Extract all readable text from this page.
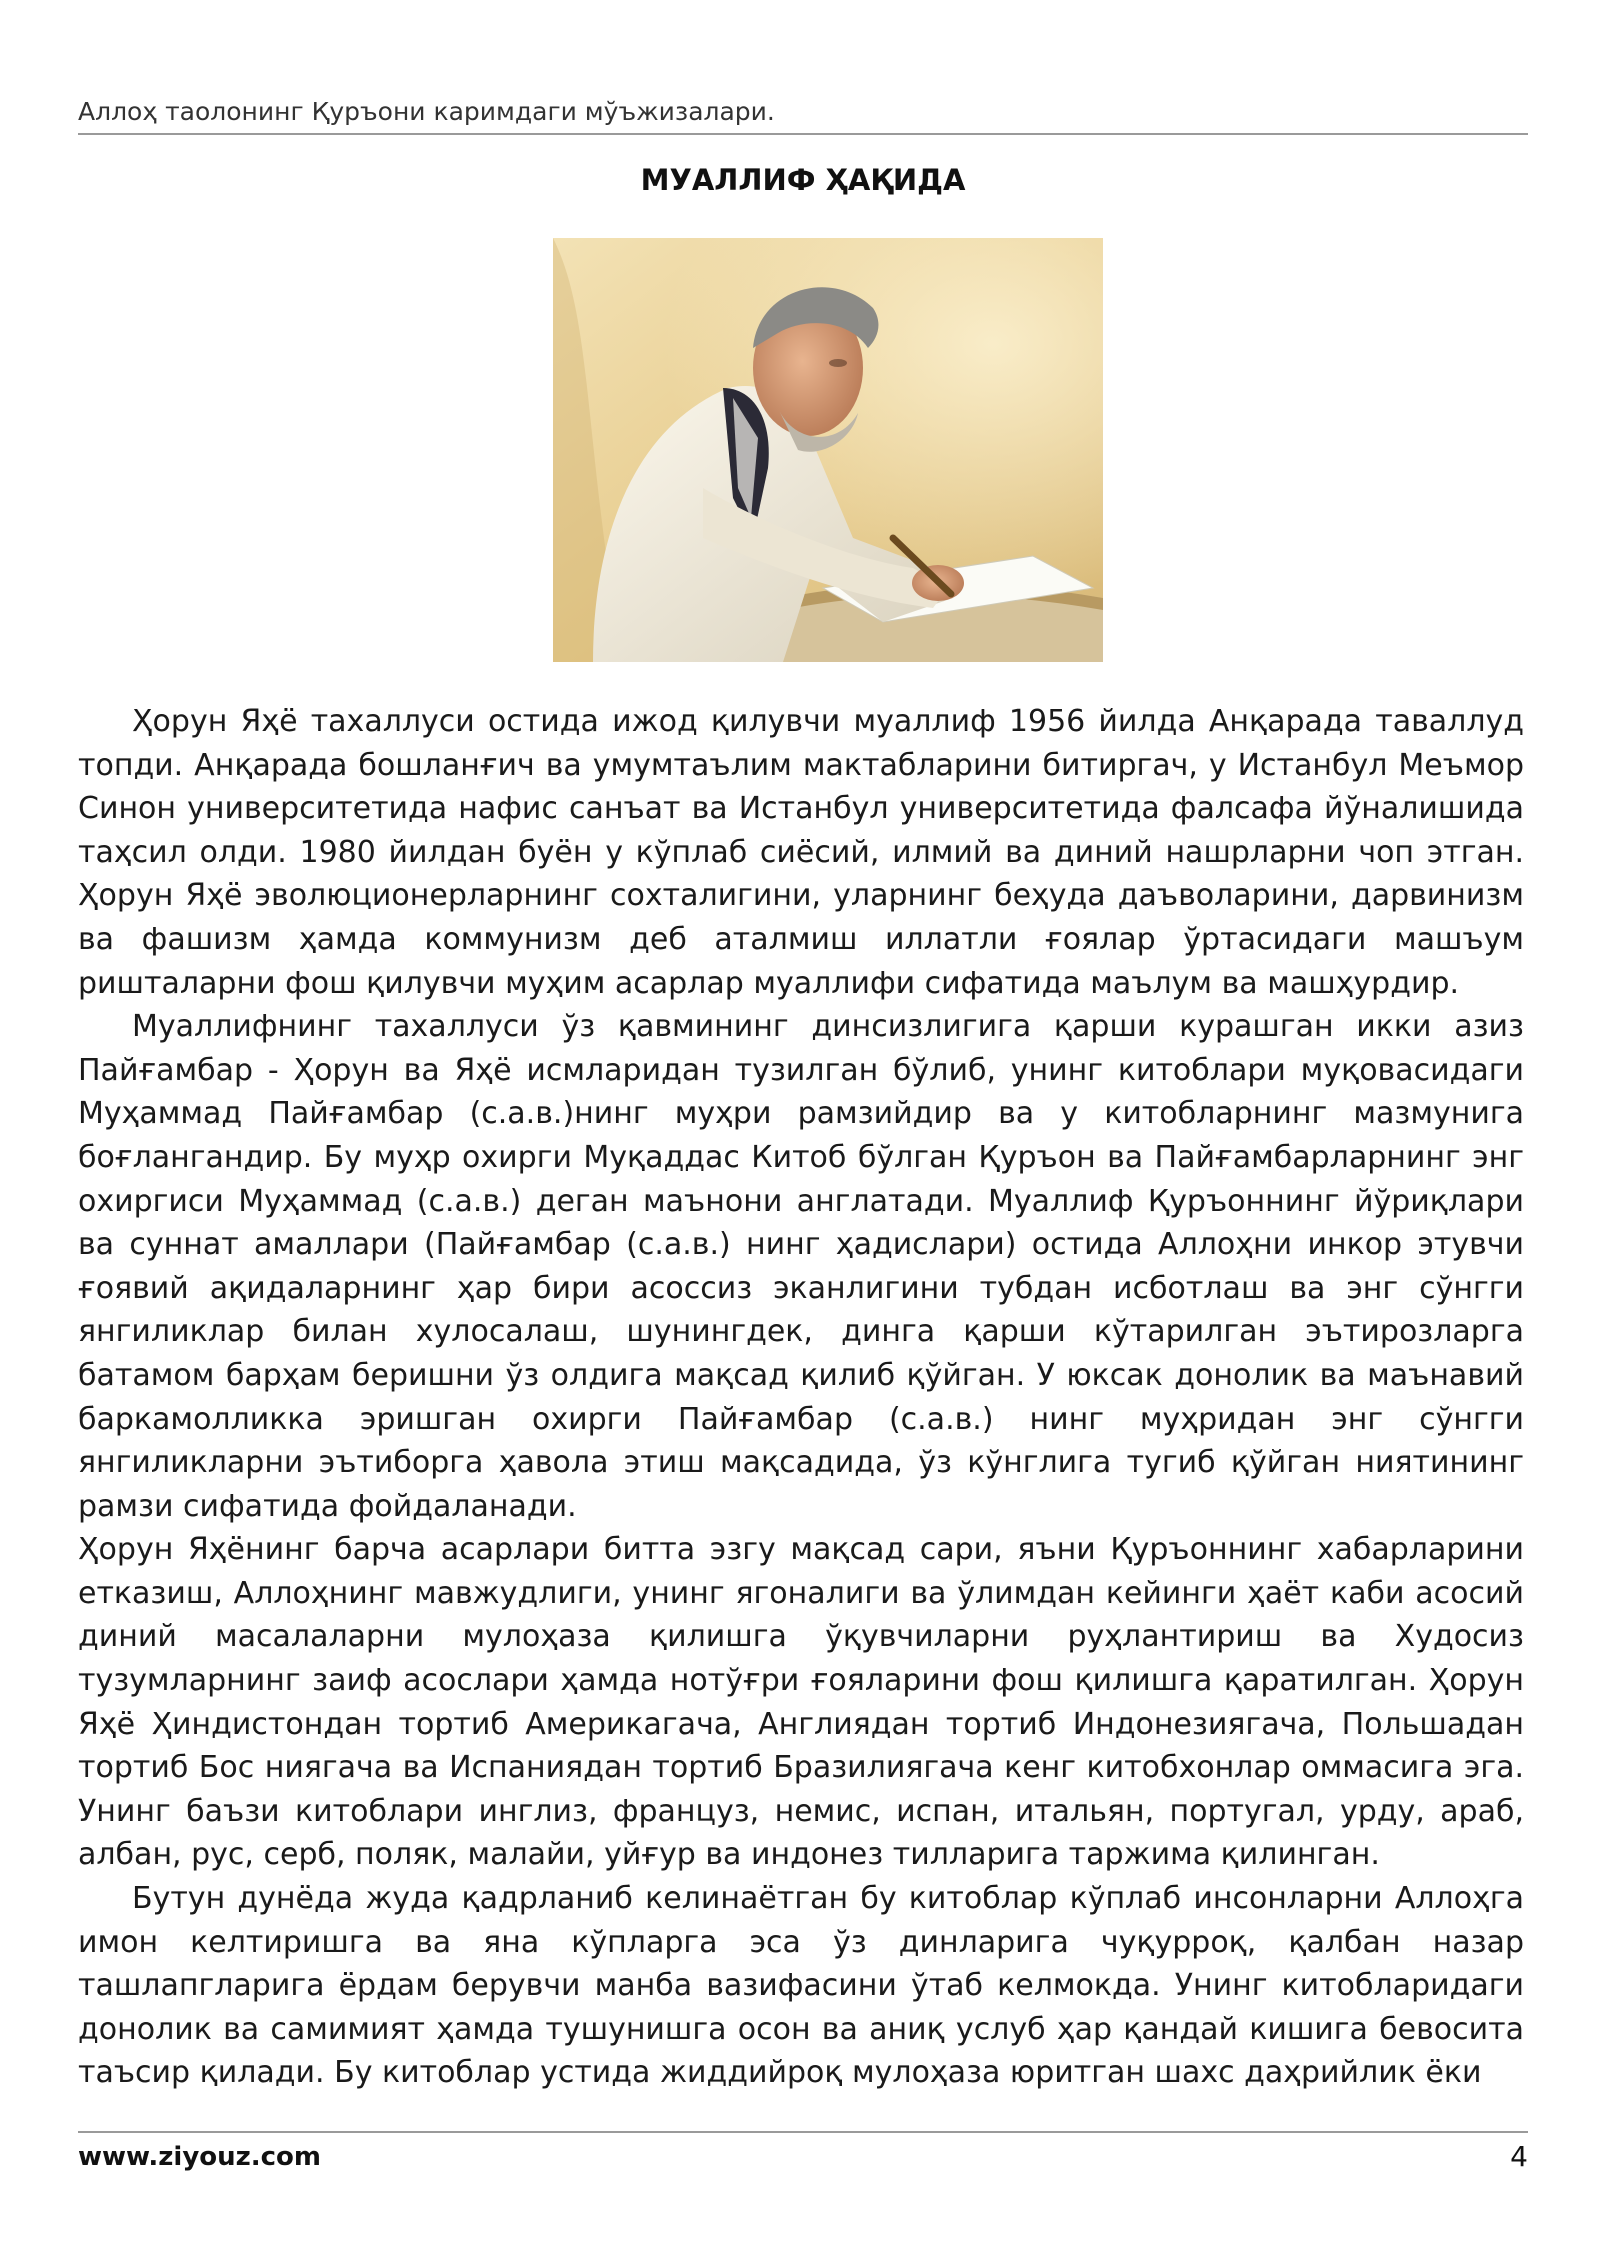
Аллоҳ таолонинг Қуръони каримдаги мўъжизалари.
МУАЛЛИФ ҲАҚИДА

Ҳорун Яҳё тахаллуси остида ижод қилувчи муаллиф 1956 йилда Анқарада таваллуд топди. Анқарада бошланғич ва умумтаълим мактабларини битиргач, у Истанбул Меъмор Синон университетида нафис санъат ва Истанбул университетида фалсафа йўналишида таҳсил олди. 1980 йилдан буён у кўплаб сиёсий, илмий ва диний нашрларни чоп этган. Ҳорун Яҳё эволюционерларнинг сохталигини, уларнинг беҳуда даъволарини, дарвинизм ва фашизм ҳамда коммунизм деб аталмиш иллатли ғоялар ўртасидаги машъум ришталарни фош қилувчи муҳим асарлар муаллифи сифатида маълум ва машҳурдир.

Муаллифнинг тахаллуси ўз қавмининг динсизлигига қарши курашган икки азиз Пайғамбар - Ҳорун ва Яҳё исмларидан тузилган бўлиб, унинг китоблари муқовасидаги Муҳаммад Пайғамбар (с.а.в.)нинг муҳри рамзийдир ва у китобларнинг мазмунига боғлангандир. Бу муҳр охирги Муқаддас Китоб бўлган Қуръон ва Пайғамбарларнинг энг охиргиси Муҳаммад (с.а.в.) деган маънони англатади. Муаллиф Қуръоннинг йўриқлари ва суннат амаллари (Пайғамбар (с.а.в.) нинг ҳадислари) остида Аллоҳни инкор этувчи ғоявий ақидаларнинг ҳар бири асоссиз эканлигини тубдан исботлаш ва энг сўнгги янгиликлар билан хулосалаш, шунингдек, динга қарши кўтарилган эътирозларга батамом барҳам беришни ўз олдига мақсад қилиб қўйган. У юксак донолик ва маънавий баркамолликка эришган охирги Пайғамбар (с.а.в.) нинг муҳридан энг сўнгги янгиликларни эътиборга ҳавола этиш мақсадида, ўз кўнглига тугиб қўйган ниятининг рамзи сифатида фойдаланади.

Ҳорун Яҳёнинг барча асарлари битта эзгу мақсад сари, яъни Қуръоннинг хабарларини етказиш, Аллоҳнинг мавжудлиги, унинг ягоналиги ва ўлимдан кейинги ҳаёт каби асосий диний масалаларни мулоҳаза қилишга ўқувчиларни руҳлантириш ва Худосиз тузумларнинг заиф асослари ҳамда нотўғри ғояларини фош қилишга қаратилган. Ҳорун Яҳё Ҳиндистондан тортиб Америкагача, Англиядан тортиб Индонезиягача, Польшадан тортиб Бос ниягача ва Испаниядан тортиб Бразилиягача кенг китобхонлар оммасига эга. Унинг баъзи китоблари инглиз, француз, немис, испан, итальян, португал, урду, араб, албан, рус, серб, поляк, малайи, уйғур ва индонез тилларига таржима қилинган.

Бутун дунёда жуда қадрланиб келинаётган бу китоблар кўплаб инсонларни Аллоҳга имон келтиришга ва яна кўпларга эса ўз динларига чуқурроқ, қалбан назар ташлапгларига ёрдам берувчи манба вазифасини ўтаб келмокда. Унинг китобларидаги донолик ва самимият ҳамда тушунишга осон ва аниқ услуб ҳар қандай кишига бевосита таъсир қилади. Бу китоблар устида жиддийроқ мулоҳаза юритган шахс даҳрийлик ёки

www.ziyouz.com	4
